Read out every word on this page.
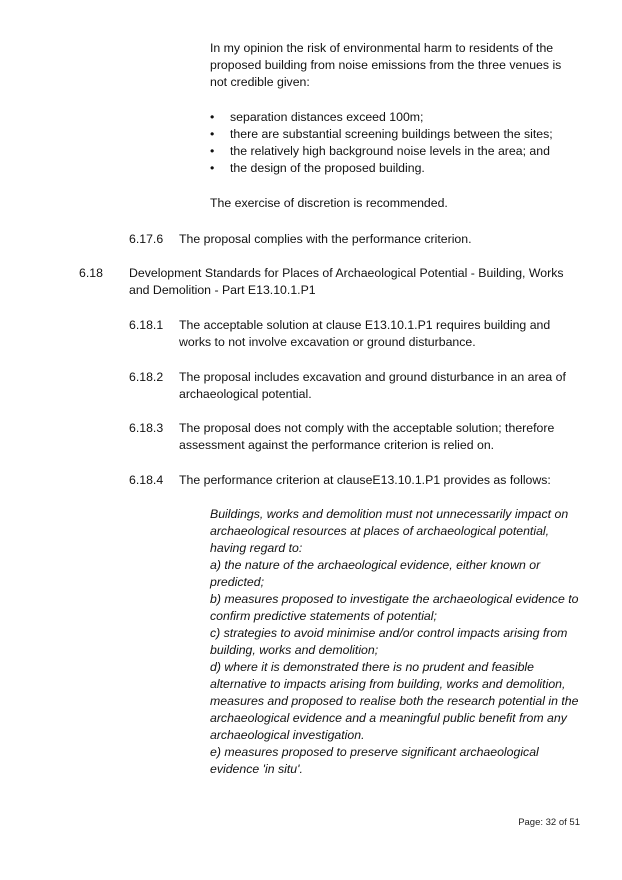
In my opinion the risk of environmental harm to residents of the proposed building from noise emissions from the three venues is not credible given:
• separation distances exceed 100m;
• there are substantial screening buildings between the sites;
• the relatively high background noise levels in the area; and
• the design of the proposed building.
The exercise of discretion is recommended.
6.17.6 The proposal complies with the performance criterion.
6.18 Development Standards for Places of Archaeological Potential - Building, Works and Demolition - Part E13.10.1.P1
6.18.1 The acceptable solution at clause E13.10.1.P1 requires building and works to not involve excavation or ground disturbance.
6.18.2 The proposal includes excavation and ground disturbance in an area of archaeological potential.
6.18.3 The proposal does not comply with the acceptable solution; therefore assessment against the performance criterion is relied on.
6.18.4 The performance criterion at clauseE13.10.1.P1 provides as follows:
Buildings, works and demolition must not unnecessarily impact on archaeological resources at places of archaeological potential, having regard to:
a) the nature of the archaeological evidence, either known or predicted;
b) measures proposed to investigate the archaeological evidence to confirm predictive statements of potential;
c) strategies to avoid minimise and/or control impacts arising from building, works and demolition;
d) where it is demonstrated there is no prudent and feasible alternative to impacts arising from building, works and demolition, measures and proposed to realise both the research potential in the archaeological evidence and a meaningful public benefit from any archaeological investigation.
e) measures proposed to preserve significant archaeological evidence 'in situ'.
Page: 32 of 51
